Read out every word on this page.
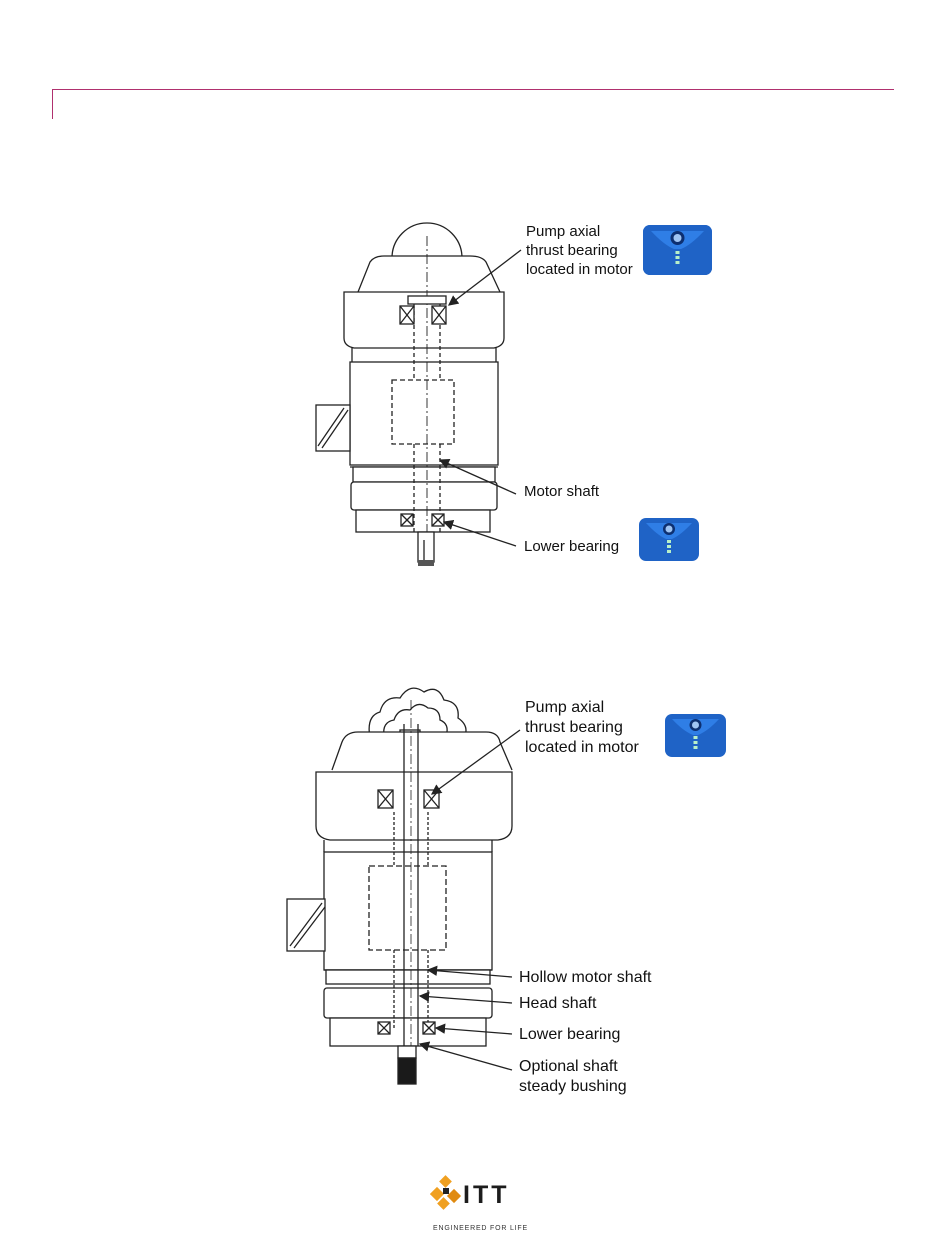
Pump axial
thrust bearing
located in motor
Motor shaft
Lower bearing
Pump axial
thrust bearing
located in motor
Hollow motor shaft
Head shaft
Lower bearing
Optional shaft
steady bushing
ITT
ENGINEERED FOR LIFE
